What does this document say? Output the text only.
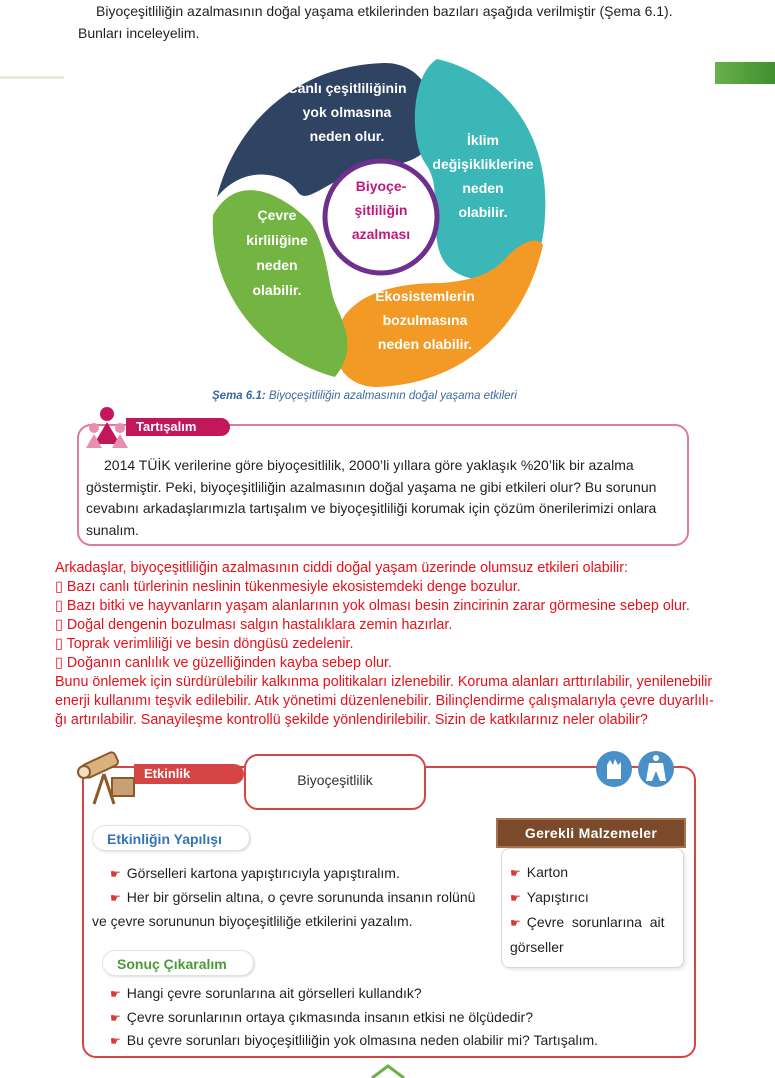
Biyoçeşitliliğin azalmasının doğal yaşama etkilerinden bazıları aşağıda verilmiştir (Şema 6.1).
Bunları inceleyelim.
Canlı çeşitliliğinin
yok olmasına
neden olur.	İklim
değişikliklerine
neden
olabilir.
Ekosistemlerin
bozulmasına
neden olabilir.
Çevre
kirliliğine
neden
olabilir.
Biyoçe-
şitliliğin
azalması
Şema 6.1: Biyoçeşitliliğin azalmasının doğal yaşama etkileri
Tartışalım
2014 TÜİK verilerine göre biyoçesitlilik, 2000’li yıllara göre yaklaşık %20’lik bir azalma
göstermiştir. Peki, biyoçeşitliliğin azalmasının doğal yaşama ne gibi etkileri olur? Bu sorunun
cevabını arkadaşlarımızla tartışalım ve biyoçeşitliliği korumak için çözüm önerilerimizi onlara
sunalım.
Arkadaşlar, biyoçeşitliliğin azalmasının ciddi doğal yaşam üzerinde olumsuz etkileri olabilir:
▯ Bazı canlı türlerinin neslinin tükenmesiyle ekosistemdeki denge bozulur.
▯ Bazı bitki ve hayvanların yaşam alanlarının yok olması besin zincirinin zarar görmesine sebep olur.
▯ Doğal dengenin bozulması salgın hastalıklara zemin hazırlar.
▯ Toprak verimliliği ve besin döngüsü zedelenir.
▯ Doğanın canlılık ve güzelliğinden kayba sebep olur.
Bunu önlemek için sürdürülebilir kalkınma politikaları izlenebilir. Koruma alanları arttırılabilir, yenilenebilir
enerji kullanımı teşvik edilebilir. Atık yönetimi düzenlenebilir. Bilinçlendirme çalışmalarıyla çevre duyarlılı-
ğı artırılabilir. Sanayileşme kontrollü şekilde yönlendirilebilir. Sizin de katkılarınız neler olabilir?
Etkinlik	Biyoçeşitlilik
Etkinliğin Yapılışı
☛ Görselleri kartona yapıştırıcıyla yapıştıralım.
☛ Her bir görselin altına, o çevre sorununda insanın rolünü
ve çevre sorununun biyoçeşitliliğe etkilerini yazalım.
Gerekli Malzemeler
☛ Karton
☛ Yapıştırıcı
☛ Çevre  sorunlarına  ait
görseller
Sonuç Çıkaralım
☛ Hangi çevre sorunlarına ait görselleri kullandık?
☛ Çevre sorunlarının ortaya çıkmasında insanın etkisi ne ölçüdedir?
☛ Bu çevre sorunları biyoçeşitliliğin yok olmasına neden olabilir mi? Tartışalım.
